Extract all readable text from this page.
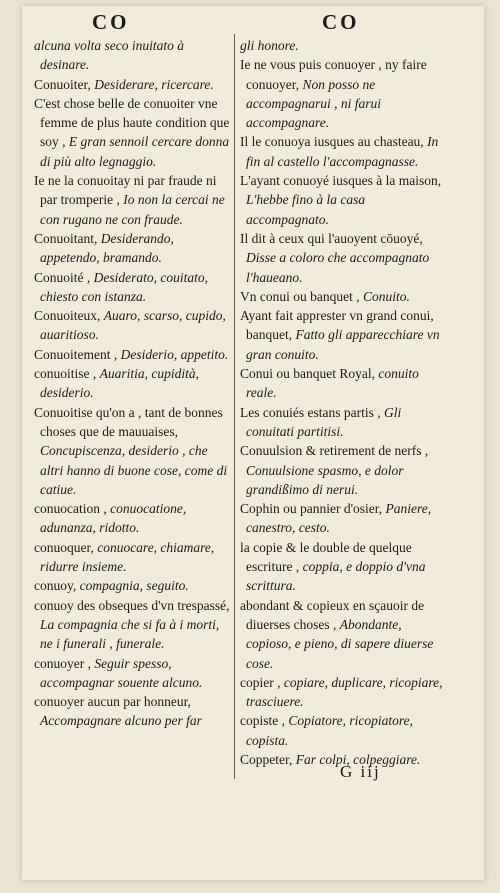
CO	CO
alcuna volta seco inuitato à desinare.
Conuoiter, Desiderare, ricercare.
C'est chose belle de conuoiter vne femme de plus haute condition que soy , E gran sennoil cercare donna di più alto legnaggio.
Ie ne la conuoitay ni par fraude ni par tromperie , Io non la cercai ne con rugano ne con fraude.
Conuoitant, Desiderando, appetendo, bramando.
Conuoité , Desiderato, couitato, chiesto con istanza.
Conuoiteux, Auaro, scarso, cupido, auaritioso.
Conuoitement , Desiderio, appetito.
conuoitise , Auaritia, cupidità, desiderio.
Conuoitise qu'on a , tant de bonnes choses que de mauuaises, Concupiscenza, desiderio , che altri hanno di buone cose, come di catiue.
conuocation , conuocatione, adunanza, ridotto.
conuoquer, conuocare, chiamare, ridurre insieme.
conuoy, compagnia, seguito.
conuoy des obseques d'vn trespassé, La compagnia che si fa à i morti, ne i funerali , funerale.
conuoyer , Seguir spesso, accompagnar souente alcuno.
conuoyer aucun par honneur, Accompagnare alcuno per far
gli honore.
Ie ne vous puis conuoyer , ny faire conuoyer, Non posso ne accompagnarui , ni farui accompagnare.
Il le conuoya iusques au chasteau, In fin al castello l'accompagnasse.
L'ayant conuoyé iusques à la maison, L'hebbe fino à la casa accompagnato.
Il dit à ceux qui l'auoyent cōuoyé, Disse a coloro che accompagnato l'haueano.
Vn conui ou banquet , Conuito.
Ayant fait apprester vn grand conui, banquet, Fatto gli apparecchiare vn gran conuito.
Conui ou banquet Royal, conuito reale.
Les conuiés estans partis , Gli conuitati partitisi.
Conuulsion & retirement de nerfs , Conuulsione spasmo, e dolor grandißimo di nerui.
Cophin ou pannier d'osier, Paniere, canestro, cesto.
la copie & le double de quelque escriture , coppia, e doppio d'vna scrittura.
abondant & copieux en sçauoir de diuerses choses , Abondante, copioso, e pieno, di sapere diuerse cose.
copier , copiare, duplicare, ricopiare, trasciuere.
copiste , Copiatore, ricopiatore, copista.
Coppeter, Far colpi, colpeggiare.
G iij
